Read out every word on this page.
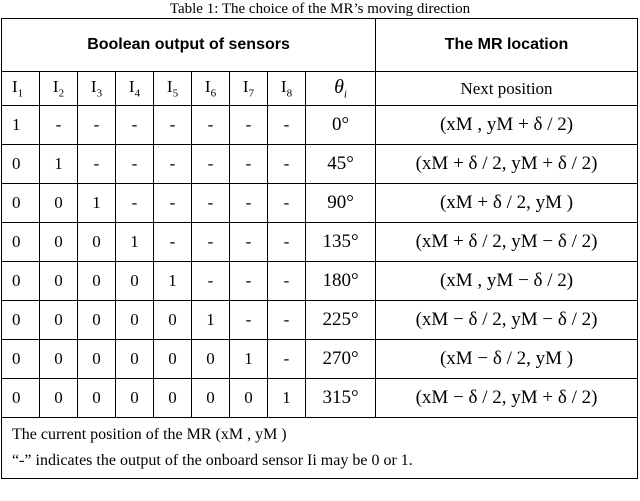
Table 1: The choice of the MR’s moving direction
Boolean output of sensors									The MR location
$I_1$	$I_2$	$I_3$	$I_4$	$I_5$	$I_6$	$I_7$	$I_8$	$\theta_i$	Next position
1	-	-	-	-	-	-	-	0°	(xM , yM + δ / 2)
0	1	-	-	-	-	-	-	45°	(xM + δ / 2, yM + δ / 2)
0	0	1	-	-	-	-	-	90°	(xM + δ / 2, yM )
0	0	0	1	-	-	-	-	135°	(xM + δ / 2, yM − δ / 2)
0	0	0	0	1	-	-	-	180°	(xM , yM − δ / 2)
0	0	0	0	0	1	-	-	225°	(xM − δ / 2, yM − δ / 2)
0	0	0	0	0	0	1	-	270°	(xM − δ / 2, yM )
0	0	0	0	0	0	0	1	315°	(xM − δ / 2, yM + δ / 2)

The current position of the MR (xM , yM )
“-” indicates the output of the onboard sensor Ii may be 0 or 1.									
